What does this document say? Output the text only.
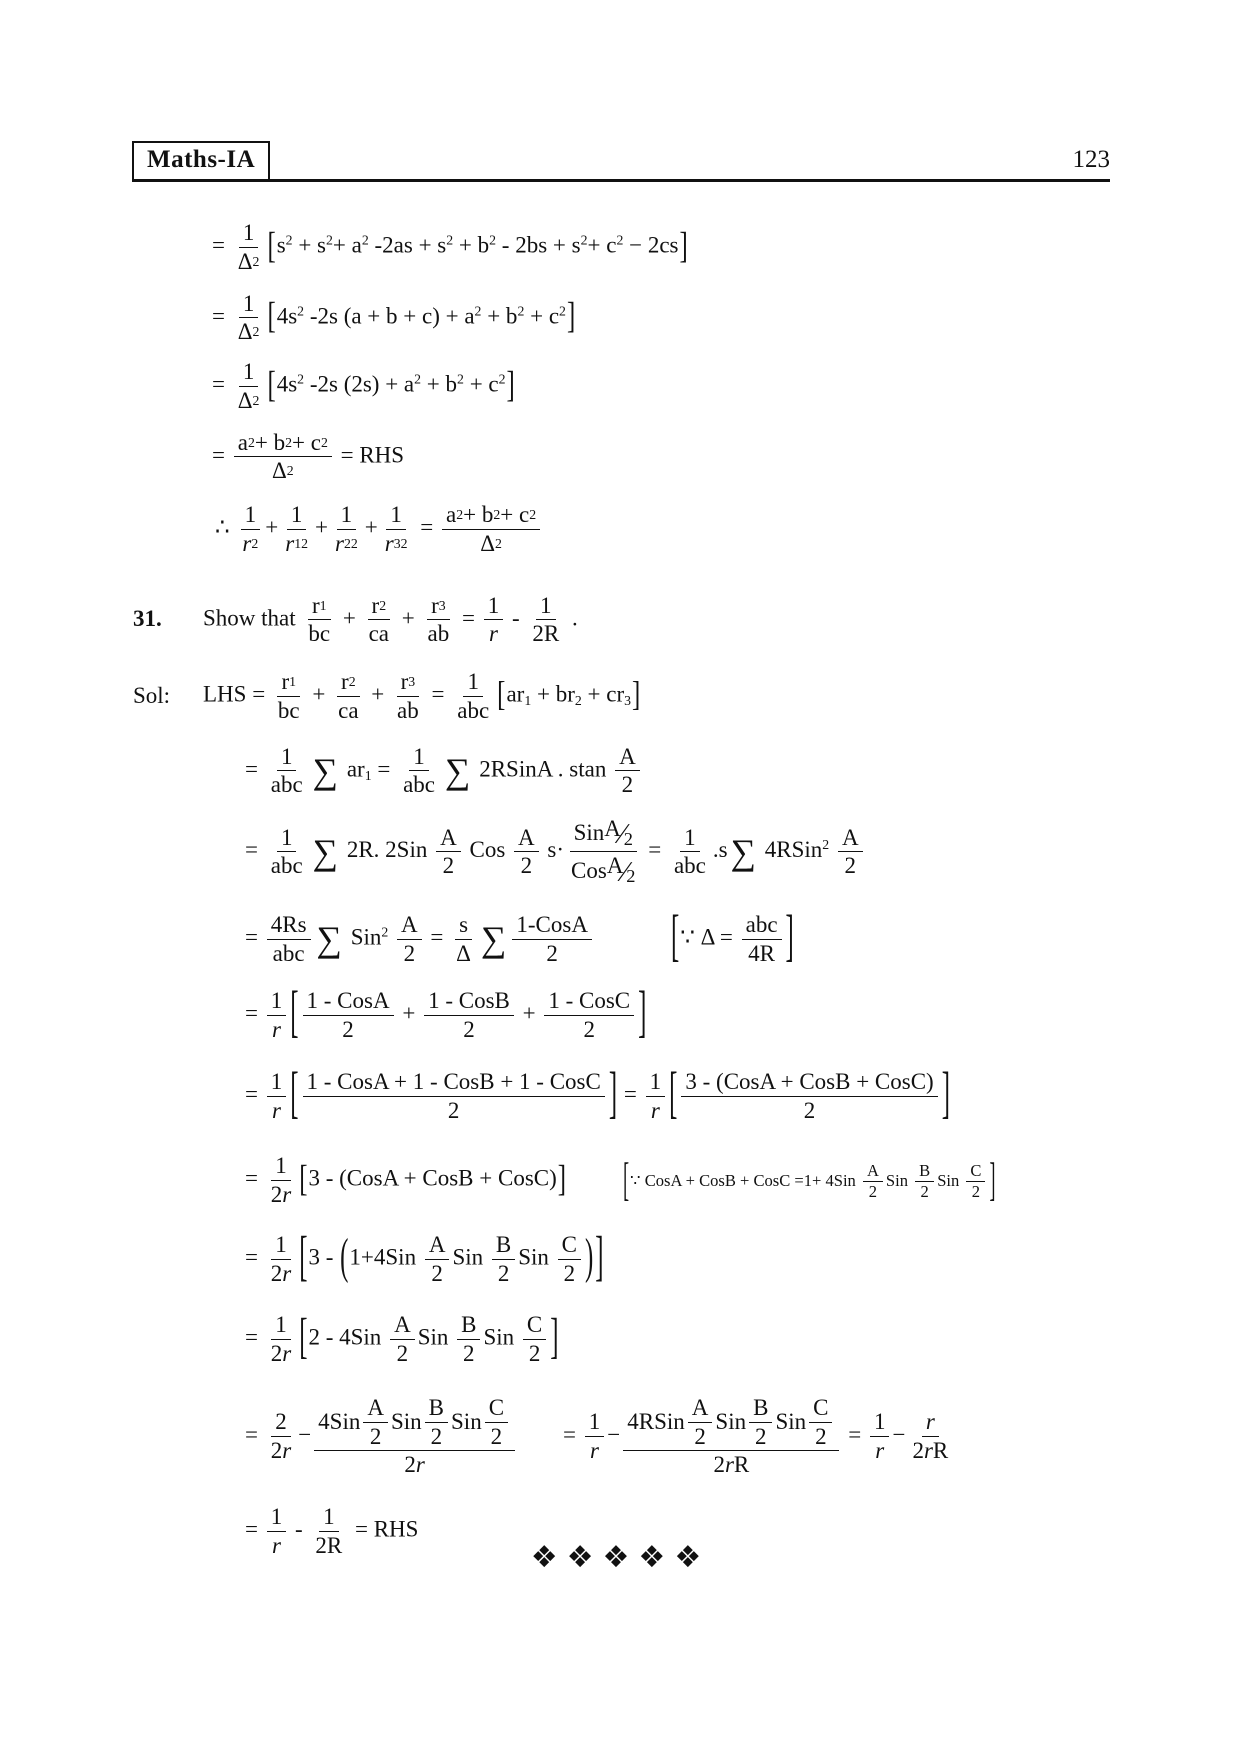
Maths-IA	123
= $\frac{1}{\Delta 2} [s^2 + s^2+ a^2$ $-2as + s^2 + b^2 - 2bs + s^2+ c^2 - 2cs$]
= $\frac{1}{\Delta 2} [4s^2$ -2s $(a + b + c) + a^2 + b^2 + c^2$]
= $\frac{1}{\Delta 2} [4s^2$ -2s $(2s) + a^2 + b^2 + c^2$]
= $\frac{a 2 + b 2 + c 2}{\Delta 2}$ = RHS
∴ $\frac{1}{r 2} + \frac{1}{r 1 2} + \frac{1}{r 2 2} + \frac{1}{r 3 2} = \frac{a 2 + b 2 + c 2}{\Delta 2}$
31. Show that $\frac{r 1}{bc} + \frac{r 2}{ca} + \frac{r 3}{ab} = \frac{1}{r} - \frac{1}{2R}$ .
Sol: LHS = $\frac{r 1}{bc} + \frac{r 2}{ca} + \frac{r 3}{ab} = \frac{1}{\text{abc}} [ar_1 + br_2 + cr_3]$
= $\frac{1}{\text{abc}}$ ∑ $ar_1 = \frac{1}{\text{abc}}$ ∑ 2RSinA . stan $\frac{A}{2}$
= $\frac{1}{\text{abc}}$ ∑ 2R. $2Sin \frac{A}{2}$ Cos $\frac{A}{2} s\cdot \frac{Sin A∕_2}{Cos A∕_2} = \frac{1}{\text{abc}} .s\sum$ 4RSin$^2$ $\frac{A}{2}$
= $\frac{4Rs}{\text{abc}}$ ∑ $Sin^2 \frac{A}{2} = \frac{s}{\Delta}$ ∑ $\frac{\text{1-CosA}}{2}$	[∵ $\Delta = \frac{\text{abc}}{4R}$ ]
= $\frac{1}{r}$ [ $\frac{\text{1 - CosA}}{2} + \frac{\text{1 - CosB}}{2} + \frac{\text{1 - CosC}}{2}$ ]
= $\frac{1}{r}$ [ $\frac{\text{1 - CosA + 1 - CosB + 1 - CosC}}{2}$ ] = $\frac{1}{r}$ [ $\frac{\text{3 - (CosA + CosB + CosC)}}{2}$ ]
= $\frac{1}{2 r} [3$ - (CosA + CosB + CosC)]	[∵ CosA + CosB + CosC $=1+ 4Sin \frac{A}{2}$ Sin $\frac{B}{2}$ Sin $\frac{C}{2}$ ]
= $\frac{1}{2 r} [3 - (1+4Sin \frac{A}{2}$ Sin $\frac{B}{2}$ Sin $\frac{C}{2}$ )]
= $\frac{1}{2 r} [2 - 4Sin \frac{A}{2}$ Sin $\frac{B}{2}$ Sin $\frac{C}{2}$ ]
= $\frac{2}{2 r} - \frac{4Sin \frac{A}{2} Sin \frac{B}{2} Sin \frac{C}{2}}{2 r} = \frac{1}{r} - \frac{4RSin \frac{A}{2} Sin \frac{B}{2} Sin \frac{C}{2}}{\text{2 r R}} = \frac{1}{r} - \frac{r}{\text{2 r R}}$
= $\frac{1}{r} - \frac{1}{2R}$ = RHS
❖❖❖❖❖
